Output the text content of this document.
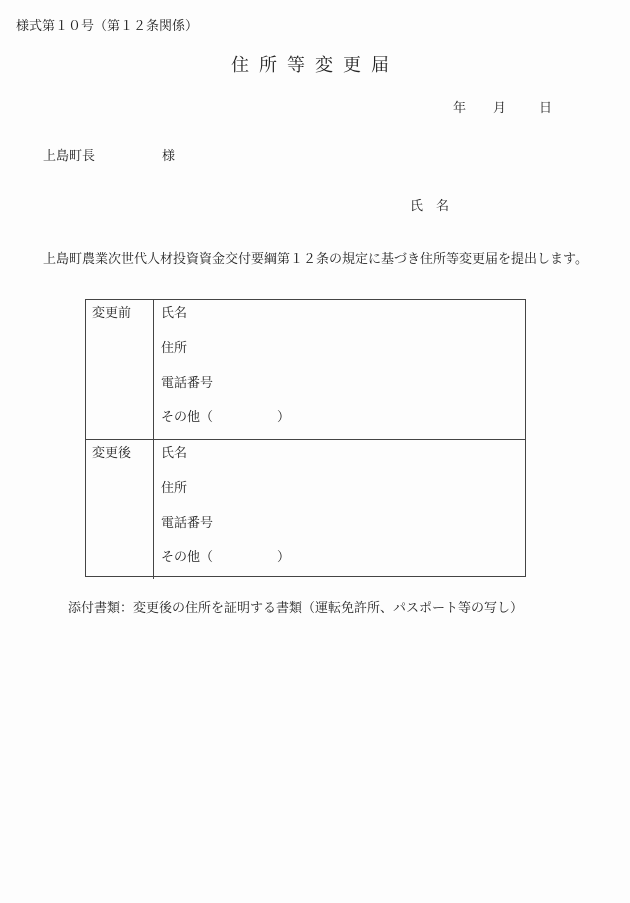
様式第１０号（第１２条関係）
住所等変更届
年 月	日
上島町長	様
氏 名
上島町農業次世代人材投資資金交付要綱第１２条の規定に基づき住所等変更届を提出します。
変更前 氏名
住所
電話番号
その他（	）
変更後 氏名
住所
電話番号
その他（	）
添付書類：変更後の住所を証明する書類（運転免許所、パスポート等の写し）
